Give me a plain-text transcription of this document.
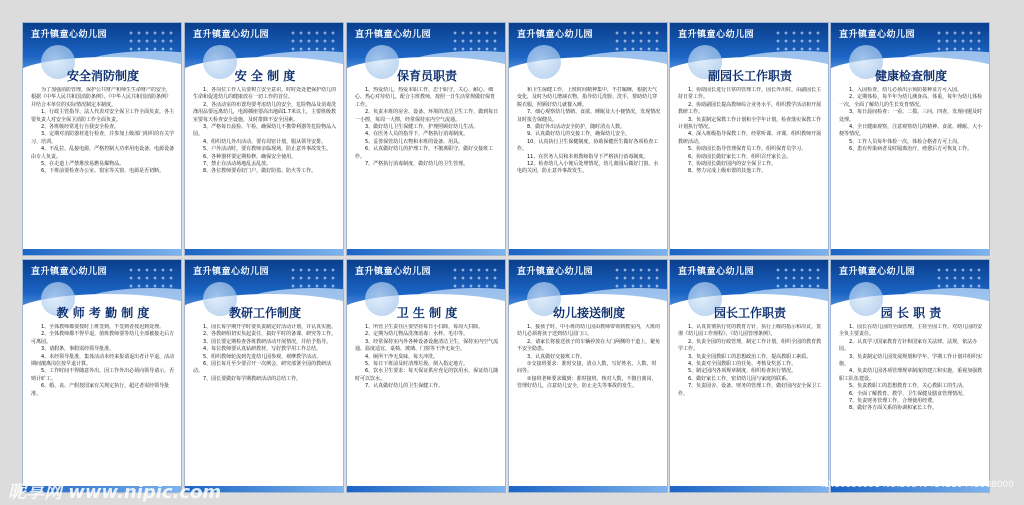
直升镇童心幼儿园
安全消防制度

为了加强消防管理，保护公共财产和师生生命财产的安全，根据《中华人民共和国消防条例》、《中华人民共和国消防条例》并结合本单位的实际情况制定本制度。

1、行政主管指导、法人代表对安全保卫工作全面负责，各主要负责人对安全保卫消防工作全面负责。

2、各班级经常进行自我安全检查。

3、定期对消防器材进行检查，并参加上级部门组织的有关学习、培训。

4、不乱拉、乱接电源，严格控制大功率用电设备，电源设备由专人负责。

5、在走道上严禁堆放易燃易爆物品。

6、下班前要检查办公室、窗室等关窗、电源是否切断。

直升镇童心幼儿园
安 全 制 度

1、各岗位工作人员要树立安全意识，时时处处把保护幼儿的生命和促进幼儿的健康放在一切工作的首位。

2、各活动室的布置均要考虑幼儿的安全，危险物品及消毒洗涤用品要远离幼儿，电源插座要高出地面1.7米以上，主要班级教室要每天检查安全设施，及时排除不安全因素。

3、严格每日晨检、午检，确保幼儿不携带利器等危险物品入园。

4、组织幼儿外出活动，要有周密计划，服从领导安排。

5、户外活动时，要有教师亲临现场，防止意外事故发生。

6、各种器材要定期检修，确保安全使用。

7、禁止在活动场地乱丢乱放。

8、各位教师要看好门户，做好防盗、防火等工作。

直升镇童心幼儿园
保育员职责

1、热爱幼儿，热爱本职工作，忠于职守，关心、耐心、细心、热心对待幼儿，配合主班教师，按照一日生活常规做好保育工作。

2、负责本班的房舍、设备、环境的清洁卫生工作，做到每日一小擦，每周一大擦，经常保持室内空气流通。

3、做好幼儿卫生保健工作，护理照顾好幼儿生活。

4、在医务人员的指导下，严格执行消毒制度。

5、妥善保管幼儿衣物和本班的设备、用具。

6、认真做好幼儿的护理工作，不擅离职守，做好交接班工作。

7、严格执行消毒制度，做好幼儿的卫生管理。

直升镇童心幼儿园

和卫生保健工作，上班时间精神集中，不打瞌睡，根据天气变化，及时为幼儿增减衣物，指导幼儿洗脸、洗手，帮助幼儿穿脱衣服，照顾好幼儿就餐入睡。

7、细心观察幼儿情绪、食欲、睡眠及大小便情况，发现情况及时报告保健员。

8、做好外出活动安全防护，随时清点人数。

9、认真做好幼儿的交接工作，确保幼儿安全。

10、认真执行卫生保健制度，协助保健医生做好各项检查工作。

11、在医务人员和本班教师指导下严格执行消毒制度。

12、检查幼儿入小便后处理情况，幼儿离园后做好门窗、水电的关闭，防止意外事故发生。

直升镇童心幼儿园
副园长工作职责

1、协助园长进行日常的管理工作，园长外出时，由副园长主持日常工作。

2、协助副园长提高教师综合业务水平，组织教学活动和开展教研工作。

3、负责制定保教工作计划和全学年计划，检查落实保教工作计划执行情况。

4、深入班级指导保教工作，经常听课、评课，组织教师开展教研活动。

5、协助园长指导管理保育员工作，组织保育员学习。

6、协助园长做好家长工作，组织召开家长会。

7、协助园长做好园内的安全保卫工作。

8、努力完成上级布置的其他工作。

直升镇童心幼儿园
健康检查制度

1、入园检查，幼儿必须出示预防接种证方可入园。

2、定期体检，每半年为幼儿测身高、体重，每年为幼儿体检一次，全面了解幼儿的生长发育情况。

3、每日晨间检查：一看、二摸、三问、四查，发现问题及时处理。

4、全日健康观察，注意观察幼儿的精神、食欲、睡眠、大小便等情况。

5、工作人员每年体检一次，体检合格者方可上岗。

6、患有传染病者及时隔离治疗，痊愈后方可恢复工作。

直升镇童心幼儿园
教 师 考 勤 制 度

1、全体教师都要按时上班签到，不签到者按迟到处理。

2、全体教师都不得早退，值班教师要等幼儿全部被接走后方可离园。

3、请假条，事假需经领导批准。

4、未经领导批准，集体活动未经来报请退出者计早退，活动期间擅离岗位按早退计算。

5、工作时间不得随意外出，因工作外出必须向领导请示，否则计旷工。

6、婚、丧、产假按国家有关规定执行，超过者需经领导批准。

直升镇童心幼儿园
教研工作制度

1、园长每学期开学时要负责制定好活动计划，并认真实施。

2、各教研组切实负起责任，搞好平时的备课、研究等工作。

3、园长要定期检查各班教研活动开展情况，并给予指导。

4、每位教师要认真钻研教材，写好教学用工作总结。

5、组织教师轮流到先进幼儿园参观，观摩教学活动。

6、园长每月至少要召开一次例会，研究部署全园的教研活动。

7、园长要做好每学期教研活动的总结工作。

直升镇童心幼儿园
卫 生 制 度

1、所管卫生责任区要坚持每日小扫除，每周大扫除。

2、定期为幼儿物品洗涤消毒：水杯、毛巾等。

3、经常保持室内外各种设备设施清洁卫生，保持室内空气流通、温度适宜，桌椅、玻璃、门窗等干净无灰尘。

4、厕所干净无臭味，每天冲洗。

5、每日下班前及时清理垃圾，倒入指定地方。

6、饮水卫生要求：每天保证供应充足的饮用水，保证幼儿随时可以饮水。

7、认真做好幼儿的卫生保健工作。

直升镇童心幼儿园
幼儿接送制度

1、接孩子时，中小班的幼儿园由教师带领到教室内，大班的幼儿必须将孩子送到幼儿园门口。

2、请家长将接送孩子的车辆停放在大门两侧的干道上，避免不安全隐患。

3、认真做好交接班工作。

①交接班要求：准时交接，清点人数，写好姓名、人数、时间等。

②接班老师要求做到：准时接班，核对人数，不擅自离岗，管理好幼儿，注意幼儿安全，防止走失等事故的发生。

直升镇童心幼儿园
园长工作职责

1、认真贯彻执行党的教育方针，执行上级的指示和决议，贯彻《幼儿园工作规程》、《幼儿园管理条例》。

2、负责全园的行政管理，制定工作计划，组织全园的教育教学工作。

3、负责全园教职工的思想政治工作，提高教职工素质。

4、负责对全园教职工的任免、考核及奖惩工作。

5、制定园内各项规章制度，组织检查执行情况。

6、做好家长工作，密切幼儿园与家庭的联系。

7、负责园舍、设备、财务的管理工作，做好园内安全保卫工作。

直升镇童心幼儿园
园 长 职 责

1、园长在幼儿园的全面管理，主持全园工作，对幼儿园的安全负主要责任。

2、认真学习国家教育方针和国家有关法律、法规，依法办园。

3、负责制定幼儿园发展规划和学年、学期工作计划并组织实施。

4、负责幼儿园各项管理规章制度的建立和实施，重视加强教职工队伍建设。

5、负责教职工的思想教育工作，关心教职工的生活。

6、全面了解教育、教学、卫生保健及膳食管理情况。

7、负责财务管理工作，合理使用经费。

8、做好各方面关系的协调和家长工作。

昵享网 www.nipic.com	ID:10558951 NO:20140414210445008000
